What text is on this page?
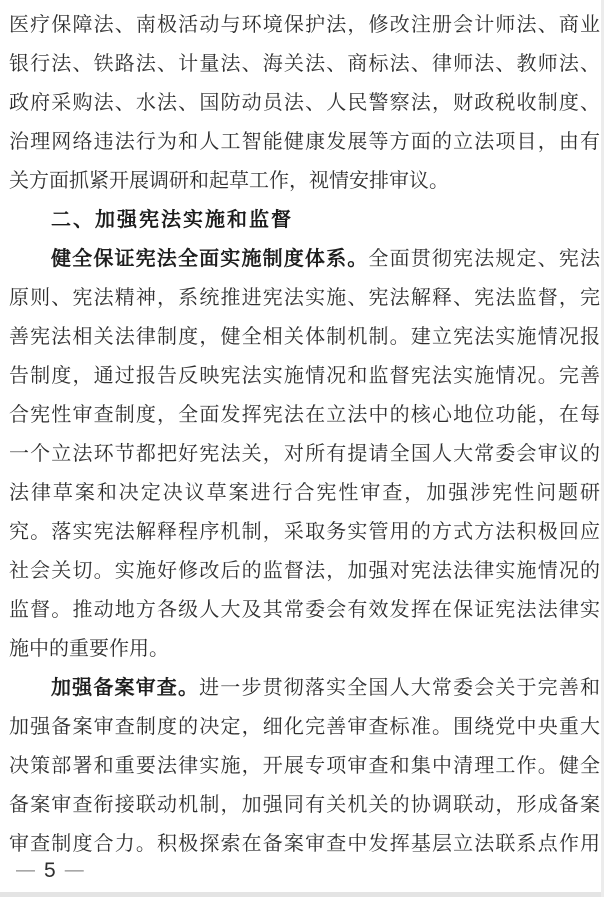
医疗保障法、南极活动与环境保护法，修改注册会计师法、商业

银行法、铁路法、计量法、海关法、商标法、律师法、教师法、

政府采购法、水法、国防动员法、人民警察法，财政税收制度、

治理网络违法行为和人工智能健康发展等方面的立法项目，由有

关方面抓紧开展调研和起草工作，视情安排审议。

二、加强宪法实施和监督

健全保证宪法全面实施制度体系。全面贯彻宪法规定、宪法

原则、宪法精神，系统推进宪法实施、宪法解释、宪法监督，完

善宪法相关法律制度，健全相关体制机制。建立宪法实施情况报

告制度，通过报告反映宪法实施情况和监督宪法实施情况。完善

合宪性审查制度，全面发挥宪法在立法中的核心地位功能，在每

一个立法环节都把好宪法关，对所有提请全国人大常委会审议的

法律草案和决定决议草案进行合宪性审查，加强涉宪性问题研

究。落实宪法解释程序机制，采取务实管用的方式方法积极回应

社会关切。实施好修改后的监督法，加强对宪法法律实施情况的

监督。推动地方各级人大及其常委会有效发挥在保证宪法法律实

施中的重要作用。

加强备案审查。进一步贯彻落实全国人大常委会关于完善和

加强备案审查制度的决定，细化完善审查标准。围绕党中央重大

决策部署和重要法律实施，开展专项审查和集中清理工作。健全

备案审查衔接联动机制，加强同有关机关的协调联动，形成备案

审查制度合力。积极探索在备案审查中发挥基层立法联系点作用

— 5 —
